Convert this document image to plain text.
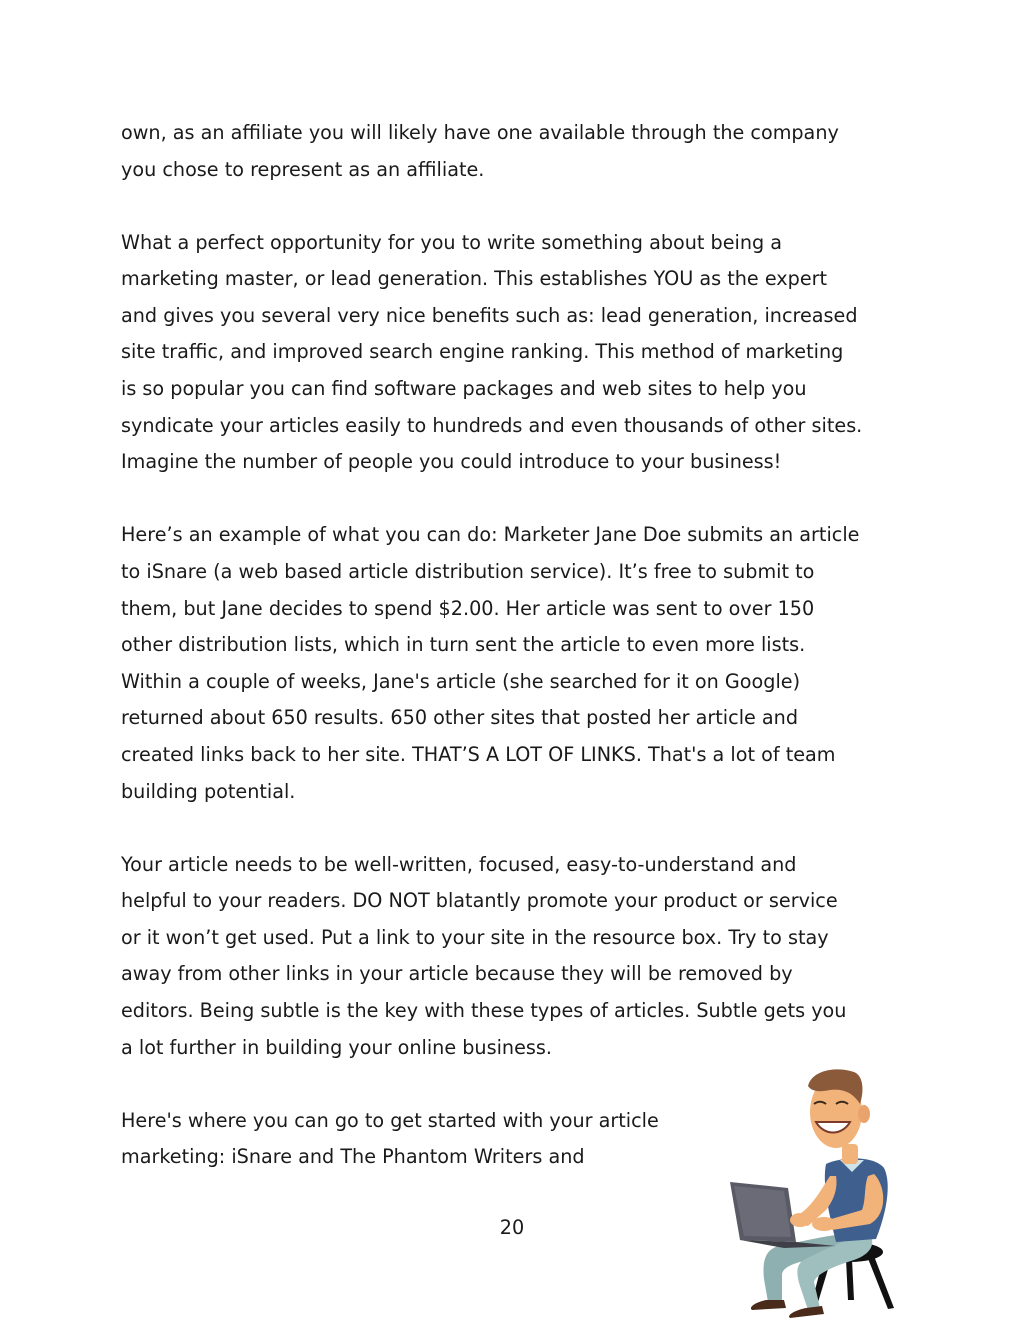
own, as an affiliate you will likely have one available through the company
you chose to represent as an affiliate.

What a perfect opportunity for you to write something about being a
marketing master, or lead generation. This establishes YOU as the expert
and gives you several very nice benefits such as: lead generation, increased
site traffic, and improved search engine ranking. This method of marketing
is so popular you can find software packages and web sites to help you
syndicate your articles easily to hundreds and even thousands of other sites.
Imagine the number of people you could introduce to your business!

Here’s an example of what you can do: Marketer Jane Doe submits an article
to iSnare (a web based article distribution service). It’s free to submit to
them, but Jane decides to spend $2.00. Her article was sent to over 150
other distribution lists, which in turn sent the article to even more lists.
Within a couple of weeks, Jane's article (she searched for it on Google)
returned about 650 results. 650 other sites that posted her article and
created links back to her site. THAT’S A LOT OF LINKS. That's a lot of team
building potential.

Your article needs to be well-written, focused, easy-to-understand and
helpful to your readers. DO NOT blatantly promote your product or service
or it won’t get used. Put a link to your site in the resource box. Try to stay
away from other links in your article because they will be removed by
editors. Being subtle is the key with these types of articles. Subtle gets you
a lot further in building your online business.

Here's where you can go to get started with your article
marketing: iSnare and The Phantom Writers and

20
